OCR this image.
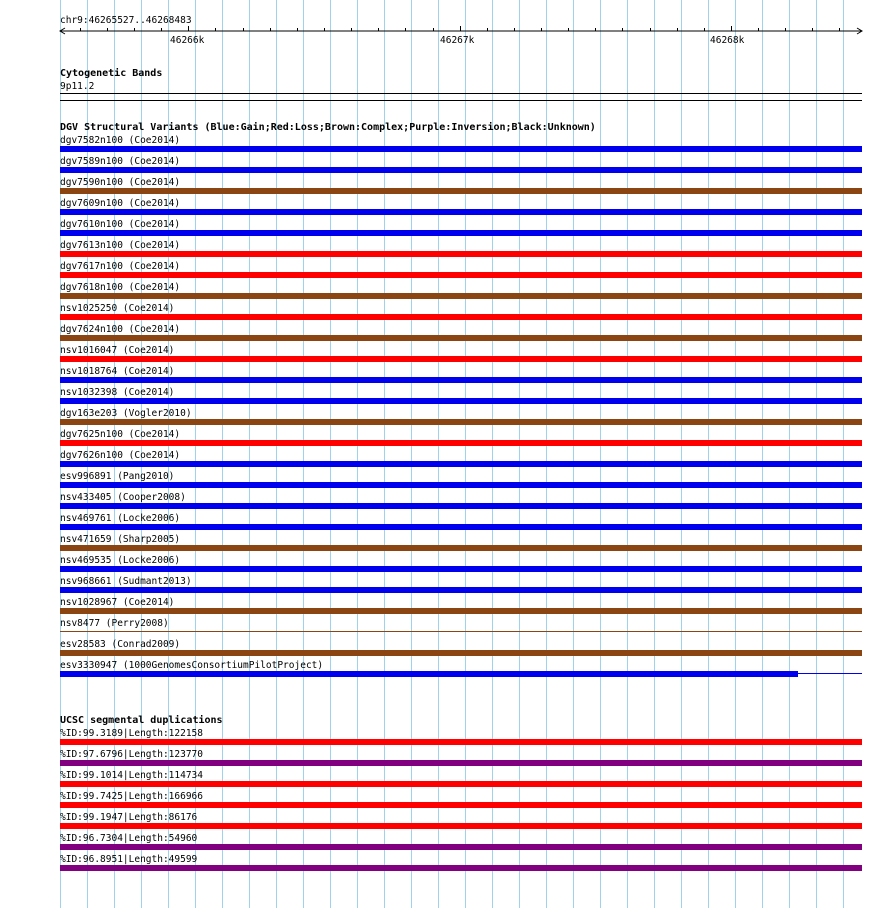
chr9:46265527..46268483
46266k	46267k	46268k
Cytogenetic Bands
9p11.2
DGV Structural Variants (Blue:Gain;Red:Loss;Brown:Complex;Purple:Inversion;Black:Unknown)
dgv7582n100 (Coe2014)
dgv7589n100 (Coe2014)
dgv7590n100 (Coe2014)
dgv7609n100 (Coe2014)
dgv7610n100 (Coe2014)
dgv7613n100 (Coe2014)
dgv7617n100 (Coe2014)
dgv7618n100 (Coe2014)
nsv1025250 (Coe2014)
dgv7624n100 (Coe2014)
nsv1016047 (Coe2014)
nsv1018764 (Coe2014)
nsv1032398 (Coe2014)
dgv163e203 (Vogler2010)
dgv7625n100 (Coe2014)
dgv7626n100 (Coe2014)
esv996891 (Pang2010)
nsv433405 (Cooper2008)
nsv469761 (Locke2006)
nsv471659 (Sharp2005)
nsv469535 (Locke2006)
nsv968661 (Sudmant2013)
nsv1028967 (Coe2014)
nsv8477 (Perry2008)
esv28583 (Conrad2009)
esv3330947 (1000GenomesConsortiumPilotProject)
UCSC segmental duplications
%ID:99.3189|Length:122158
%ID:97.6796|Length:123770
%ID:99.1014|Length:114734
%ID:99.7425|Length:166966
%ID:99.1947|Length:86176
%ID:96.7304|Length:54960
%ID:96.8951|Length:49599
